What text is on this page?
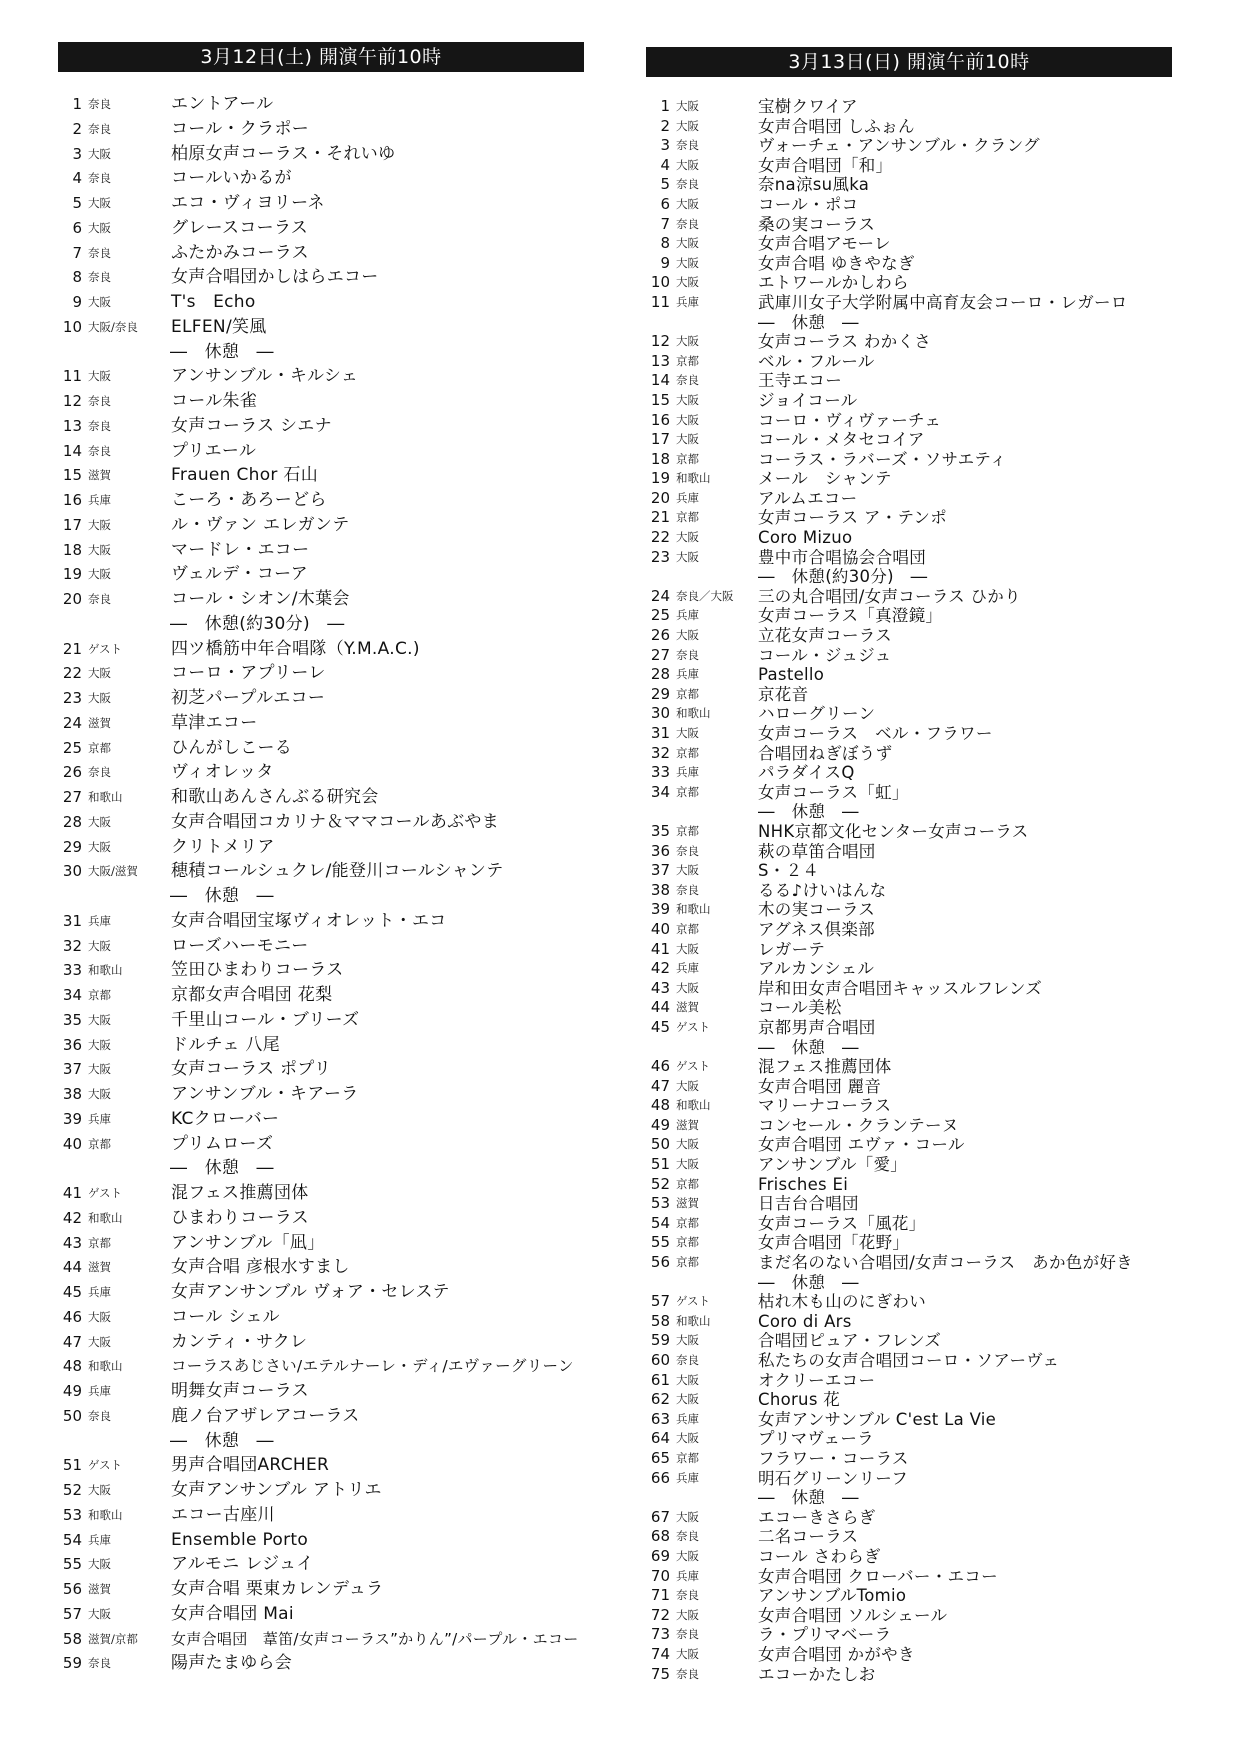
3月12日(土) 開演午前10時
1 奈良	エントアール
2 奈良	コール・クラポー
3 大阪	柏原女声コーラス・それいゆ
4 奈良	コールいかるが
5 大阪	エコ・ヴィヨリーネ
6 大阪	グレースコーラス
7 奈良	ふたかみコーラス
8 奈良	女声合唱団かしはらエコー
9 大阪	T's　Echo
10 大阪/奈良 ELFEN/笑風
―　休憩　―
11 大阪	アンサンブル・キルシェ
12 奈良	コール朱雀
13 奈良	女声コーラス シエナ
14 奈良	プリエール
15 滋賀	Frauen Chor 石山
16 兵庫	こーろ・あろーどら
17 大阪	ル・ヴァン エレガンテ
18 大阪	マードレ・エコー
19 大阪	ヴェルデ・コーア
20 奈良	コール・シオン/木葉会
―　休憩(約30分)　―
21 ゲスト	四ツ橋筋中年合唱隊（Y.M.A.C.)
22 大阪	コーロ・アプリーレ
23 大阪	初芝パープルエコー
24 滋賀	草津エコー
25 京都	ひんがしこーる
26 奈良	ヴィオレッタ
27 和歌山	和歌山あんさんぶる研究会
28 大阪	女声合唱団コカリナ＆ママコールあぶやま
29 大阪	クリトメリア
30 大阪/滋賀 穂積コールシュクレ/能登川コールシャンテ
―　休憩　―
31 兵庫	女声合唱団宝塚ヴィオレット・エコ
32 大阪	ローズハーモニー
33 和歌山	笠田ひまわりコーラス
34 京都	京都女声合唱団 花梨
35 大阪	千里山コール・ブリーズ
36 大阪	ドルチェ 八尾
37 大阪	女声コーラス ポプリ
38 大阪	アンサンブル・キアーラ
39 兵庫	KCクローバー
40 京都	プリムローズ
―　休憩　―
41 ゲスト	混フェス推薦団体
42 和歌山	ひまわりコーラス
43 京都	アンサンブル「凪」
44 滋賀	女声合唱 彦根水すまし
45 兵庫	女声アンサンブル ヴォア・セレステ
46 大阪	コール シェル
47 大阪	カンティ・サクレ
48 和歌山	コーラスあじさい/エテルナーレ・ディ/エヴァーグリーン
49 兵庫	明舞女声コーラス
50 奈良	鹿ノ台アザレアコーラス
―　休憩　―
51 ゲスト	男声合唱団ARCHER
52 大阪	女声アンサンブル アトリエ
53 和歌山	エコー古座川
54 兵庫	Ensemble Porto
55 大阪	アルモニ レジュイ
56 滋賀	女声合唱 栗東カレンデュラ
57 大阪	女声合唱団 Mai
58 滋賀/京都 女声合唱団　葦笛/女声コーラス”かりん”/パープル・エコー
59 奈良	陽声たまゆら会
3月13日(日) 開演午前10時
1 大阪	宝樹クワイア
2 大阪	女声合唱団 しふぉん
3 奈良	ヴォーチェ・アンサンブル・クラング
4 大阪	女声合唱団「和」
5 奈良	奈na涼su風ka
6 大阪	コール・ポコ
7 奈良	桑の実コーラス
8 大阪	女声合唱アモーレ
9 大阪	女声合唱 ゆきやなぎ
10 大阪	エトワールかしわら
11 兵庫	武庫川女子大学附属中高育友会コーロ・レガーロ
―　休憩　―
12 大阪	女声コーラス わかくさ
13 京都	ベル・フルール
14 奈良	王寺エコー
15 大阪	ジョイコール
16 大阪	コーロ・ヴィヴァーチェ
17 大阪	コール・メタセコイア
18 京都	コーラス・ラバーズ・ソサエティ
19 和歌山	メール　シャンテ
20 兵庫	アルムエコー
21 京都	女声コーラス ア・テンポ
22 大阪	Coro Mizuo
23 大阪	豊中市合唱協会合唱団
―　休憩(約30分)　―
24 奈良／大阪 三の丸合唱団/女声コーラス ひかり
25 兵庫	女声コーラス「真澄鏡」
26 大阪	立花女声コーラス
27 奈良	コール・ジュジュ
28 兵庫	Pastello
29 京都	京花音
30 和歌山	ハローグリーン
31 大阪	女声コーラス　ベル・フラワー
32 京都	合唱団ねぎぼうず
33 兵庫	パラダイスQ
34 京都	女声コーラス「虹」
―　休憩　―
35 京都	NHK京都文化センター女声コーラス
36 奈良	萩の草笛合唱団
37 大阪	S・２４
38 奈良	るる♪けいはんな
39 和歌山	木の実コーラス
40 京都	アグネス倶楽部
41 大阪	レガーテ
42 兵庫	アルカンシェル
43 大阪	岸和田女声合唱団キャッスルフレンズ
44 滋賀	コール美松
45 ゲスト	京都男声合唱団
―　休憩　―
46 ゲスト	混フェス推薦団体
47 大阪	女声合唱団 麗音
48 和歌山	マリーナコーラス
49 滋賀	コンセール・クランテーヌ
50 大阪	女声合唱団 エヴァ・コール
51 大阪	アンサンブル「愛」
52 京都	Frisches Ei
53 滋賀	日吉台合唱団
54 京都	女声コーラス「風花」
55 京都	女声合唱団「花野」
56 京都	まだ名のない合唱団/女声コーラス　あか色が好き
―　休憩　―
57 ゲスト	枯れ木も山のにぎわい
58 和歌山	Coro di Ars
59 大阪	合唱団ピュア・フレンズ
60 奈良	私たちの女声合唱団コーロ・ソアーヴェ
61 大阪	オクリーエコー
62 大阪	Chorus 花
63 兵庫	女声アンサンブル C'est La Vie
64 大阪	プリマヴェーラ
65 京都	フラワー・コーラス
66 兵庫	明石グリーンリーフ
―　休憩　―
67 大阪	エコーきさらぎ
68 奈良	二名コーラス
69 大阪	コール さわらぎ
70 兵庫	女声合唱団 クローバー・エコー
71 奈良	アンサンブルTomio
72 大阪	女声合唱団 ソルシェール
73 奈良	ラ・プリマベーラ
74 大阪	女声合唱団 かがやき
75 奈良	エコーかたしお
